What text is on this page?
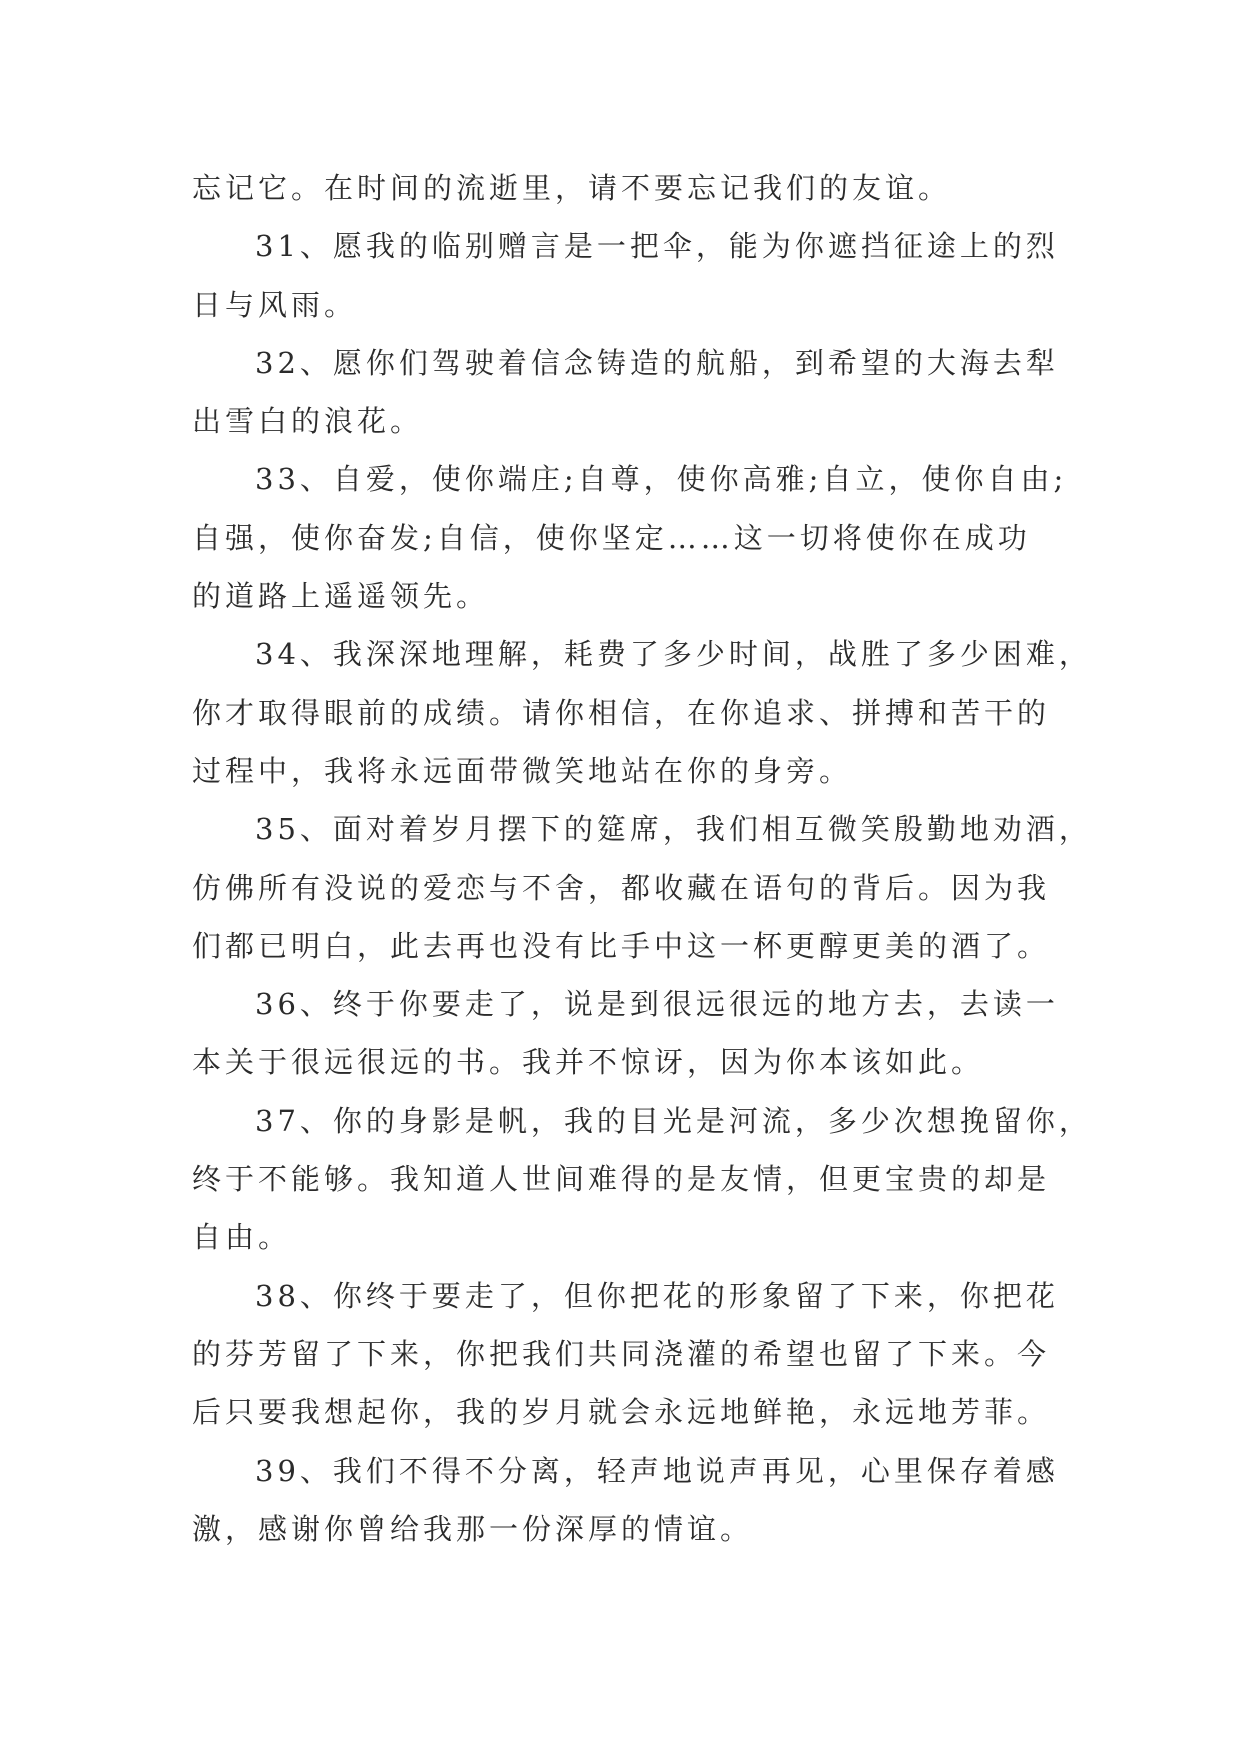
忘记它。在时间的流逝里，请不要忘记我们的友谊。
31、愿我的临别赠言是一把伞，能为你遮挡征途上的烈
日与风雨。
32、愿你们驾驶着信念铸造的航船，到希望的大海去犁
出雪白的浪花。
33、自爱，使你端庄;自尊，使你高雅;自立，使你自由;
自强，使你奋发;自信，使你坚定……这一切将使你在成功
的道路上遥遥领先。
34、我深深地理解，耗费了多少时间，战胜了多少困难，
你才取得眼前的成绩。请你相信，在你追求、拼搏和苦干的
过程中，我将永远面带微笑地站在你的身旁。
35、面对着岁月摆下的筵席，我们相互微笑殷勤地劝酒，
仿佛所有没说的爱恋与不舍，都收藏在语句的背后。因为我
们都已明白，此去再也没有比手中这一杯更醇更美的酒了。
36、终于你要走了，说是到很远很远的地方去，去读一
本关于很远很远的书。我并不惊讶，因为你本该如此。
37、你的身影是帆，我的目光是河流，多少次想挽留你，
终于不能够。我知道人世间难得的是友情，但更宝贵的却是
自由。
38、你终于要走了，但你把花的形象留了下来，你把花
的芬芳留了下来，你把我们共同浇灌的希望也留了下来。今
后只要我想起你，我的岁月就会永远地鲜艳，永远地芳菲。
39、我们不得不分离，轻声地说声再见，心里保存着感
激，感谢你曾给我那一份深厚的情谊。
